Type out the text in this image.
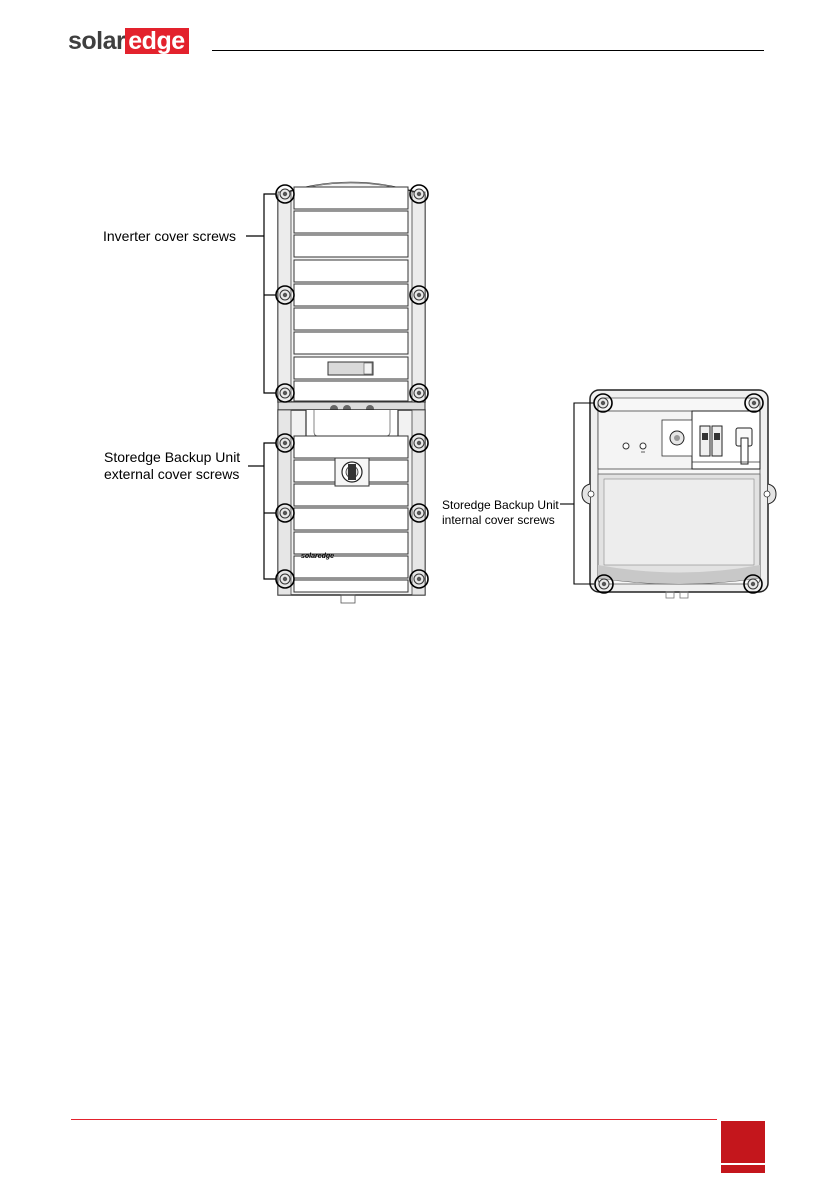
solar edge
solaredge
Inverter cover screws
Storedge Backup Unit
external cover screws
Storedge Backup Unit
internal cover screws
